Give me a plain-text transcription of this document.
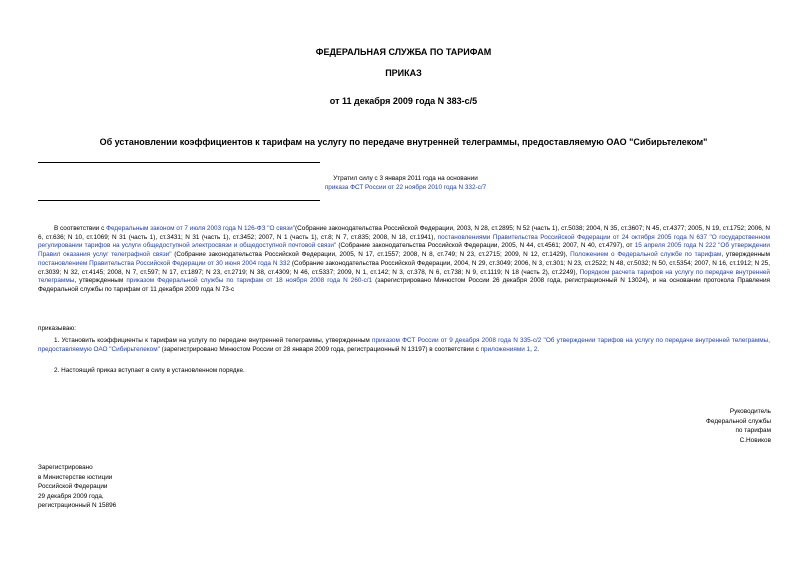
ФЕДЕРАЛЬНАЯ СЛУЖБА ПО ТАРИФАМ
ПРИКАЗ
от 11 декабря 2009 года N 383-с/5
Об установлении коэффициентов к тарифам на услугу по передаче внутренней телеграммы, предоставляемую ОАО "Сибирьтелеком"
Утратил силу с 3 января 2011 года на основании
приказа ФСТ России от 22 ноября 2010 года N 332-с/7
В соответствии с Федеральным законом от 7 июля 2003 года N 126-ФЗ "О связи"(Собрание законодательства Российской Федерации, 2003, N 28, ст.2895; N 52 (часть 1), ст.5038; 2004, N 35, ст.3607; N 45, ст.4377; 2005, N 19, ст.1752; 2006, N 6, ст.636; N 10, ст.1069; N 31 (часть 1), ст.3431; N 31 (часть 1), ст.3452; 2007, N 1 (часть 1), ст.8; N 7, ст.835; 2008, N 18, ст.1941), постановлениями Правительства Российской Федерации от 24 октября 2005 года N 637 "О государственном регулировании тарифов на услуги общедоступной электросвязи и общедоступной почтовой связи" (Собрание законодательства Российской Федерации, 2005, N 44, ст.4561; 2007, N 40, ст.4797), от 15 апреля 2005 года N 222 "Об утверждении Правил оказания услуг телеграфной связи" (Собрание законодательства Российской Федерации, 2005, N 17, ст.1557; 2008, N 8, ст.749; N 23, ст.2715; 2009, N 12, ст.1429), Положением о Федеральной службе по тарифам, утвержденным постановлением Правительства Российской Федерации от 30 июня 2004 года N 332 (Собрание законодательства Российской Федерации, 2004, N 29, ст.3049; 2006, N 3, ст.301; N 23, ст.2522; N 48, ст.5032; N 50, ст.5354; 2007, N 16, ст.1912; N 25, ст.3039; N 32, ст.4145; 2008, N 7, ст.597; N 17, ст.1897; N 23, ст.2719; N 38, ст.4309; N 46, ст.5337; 2009, N 1, ст.142; N 3, ст.378, N 6, ст.738; N 9, ст.1119; N 18 (часть 2), ст.2249), Порядком расчета тарифов на услугу по передаче внутренней телеграммы, утвержденным приказом Федеральной службы по тарифам от 18 ноября 2008 года N 260-с/1 (зарегистрировано Минюстом России 26 декабря 2008 года, регистрационный N 13024), и на основании протокола Правления Федеральной службы по тарифам от 11 декабря 2009 года N 73-с
приказываю:
1. Установить коэффициенты к тарифам на услугу по передаче внутренней телеграммы, утвержденным приказом ФСТ России от 9 декабря 2008 года N 335-с/2 "Об утверждении тарифов на услугу по передаче внутренней телеграммы, предоставляемую ОАО "Сибирьтелеком" (зарегистрировано Минюстом России от 28 января 2009 года, регистрационный N 13197) в соответствии с приложениями 1, 2.
2. Настоящий приказ вступает в силу в установленном порядке.
Руководитель
Федеральной службы
по тарифам
С.Новиков
Зарегистрировано
в Министерстве юстиции
Российской Федерации
29 декабря 2009 года,
регистрационный N 15896
